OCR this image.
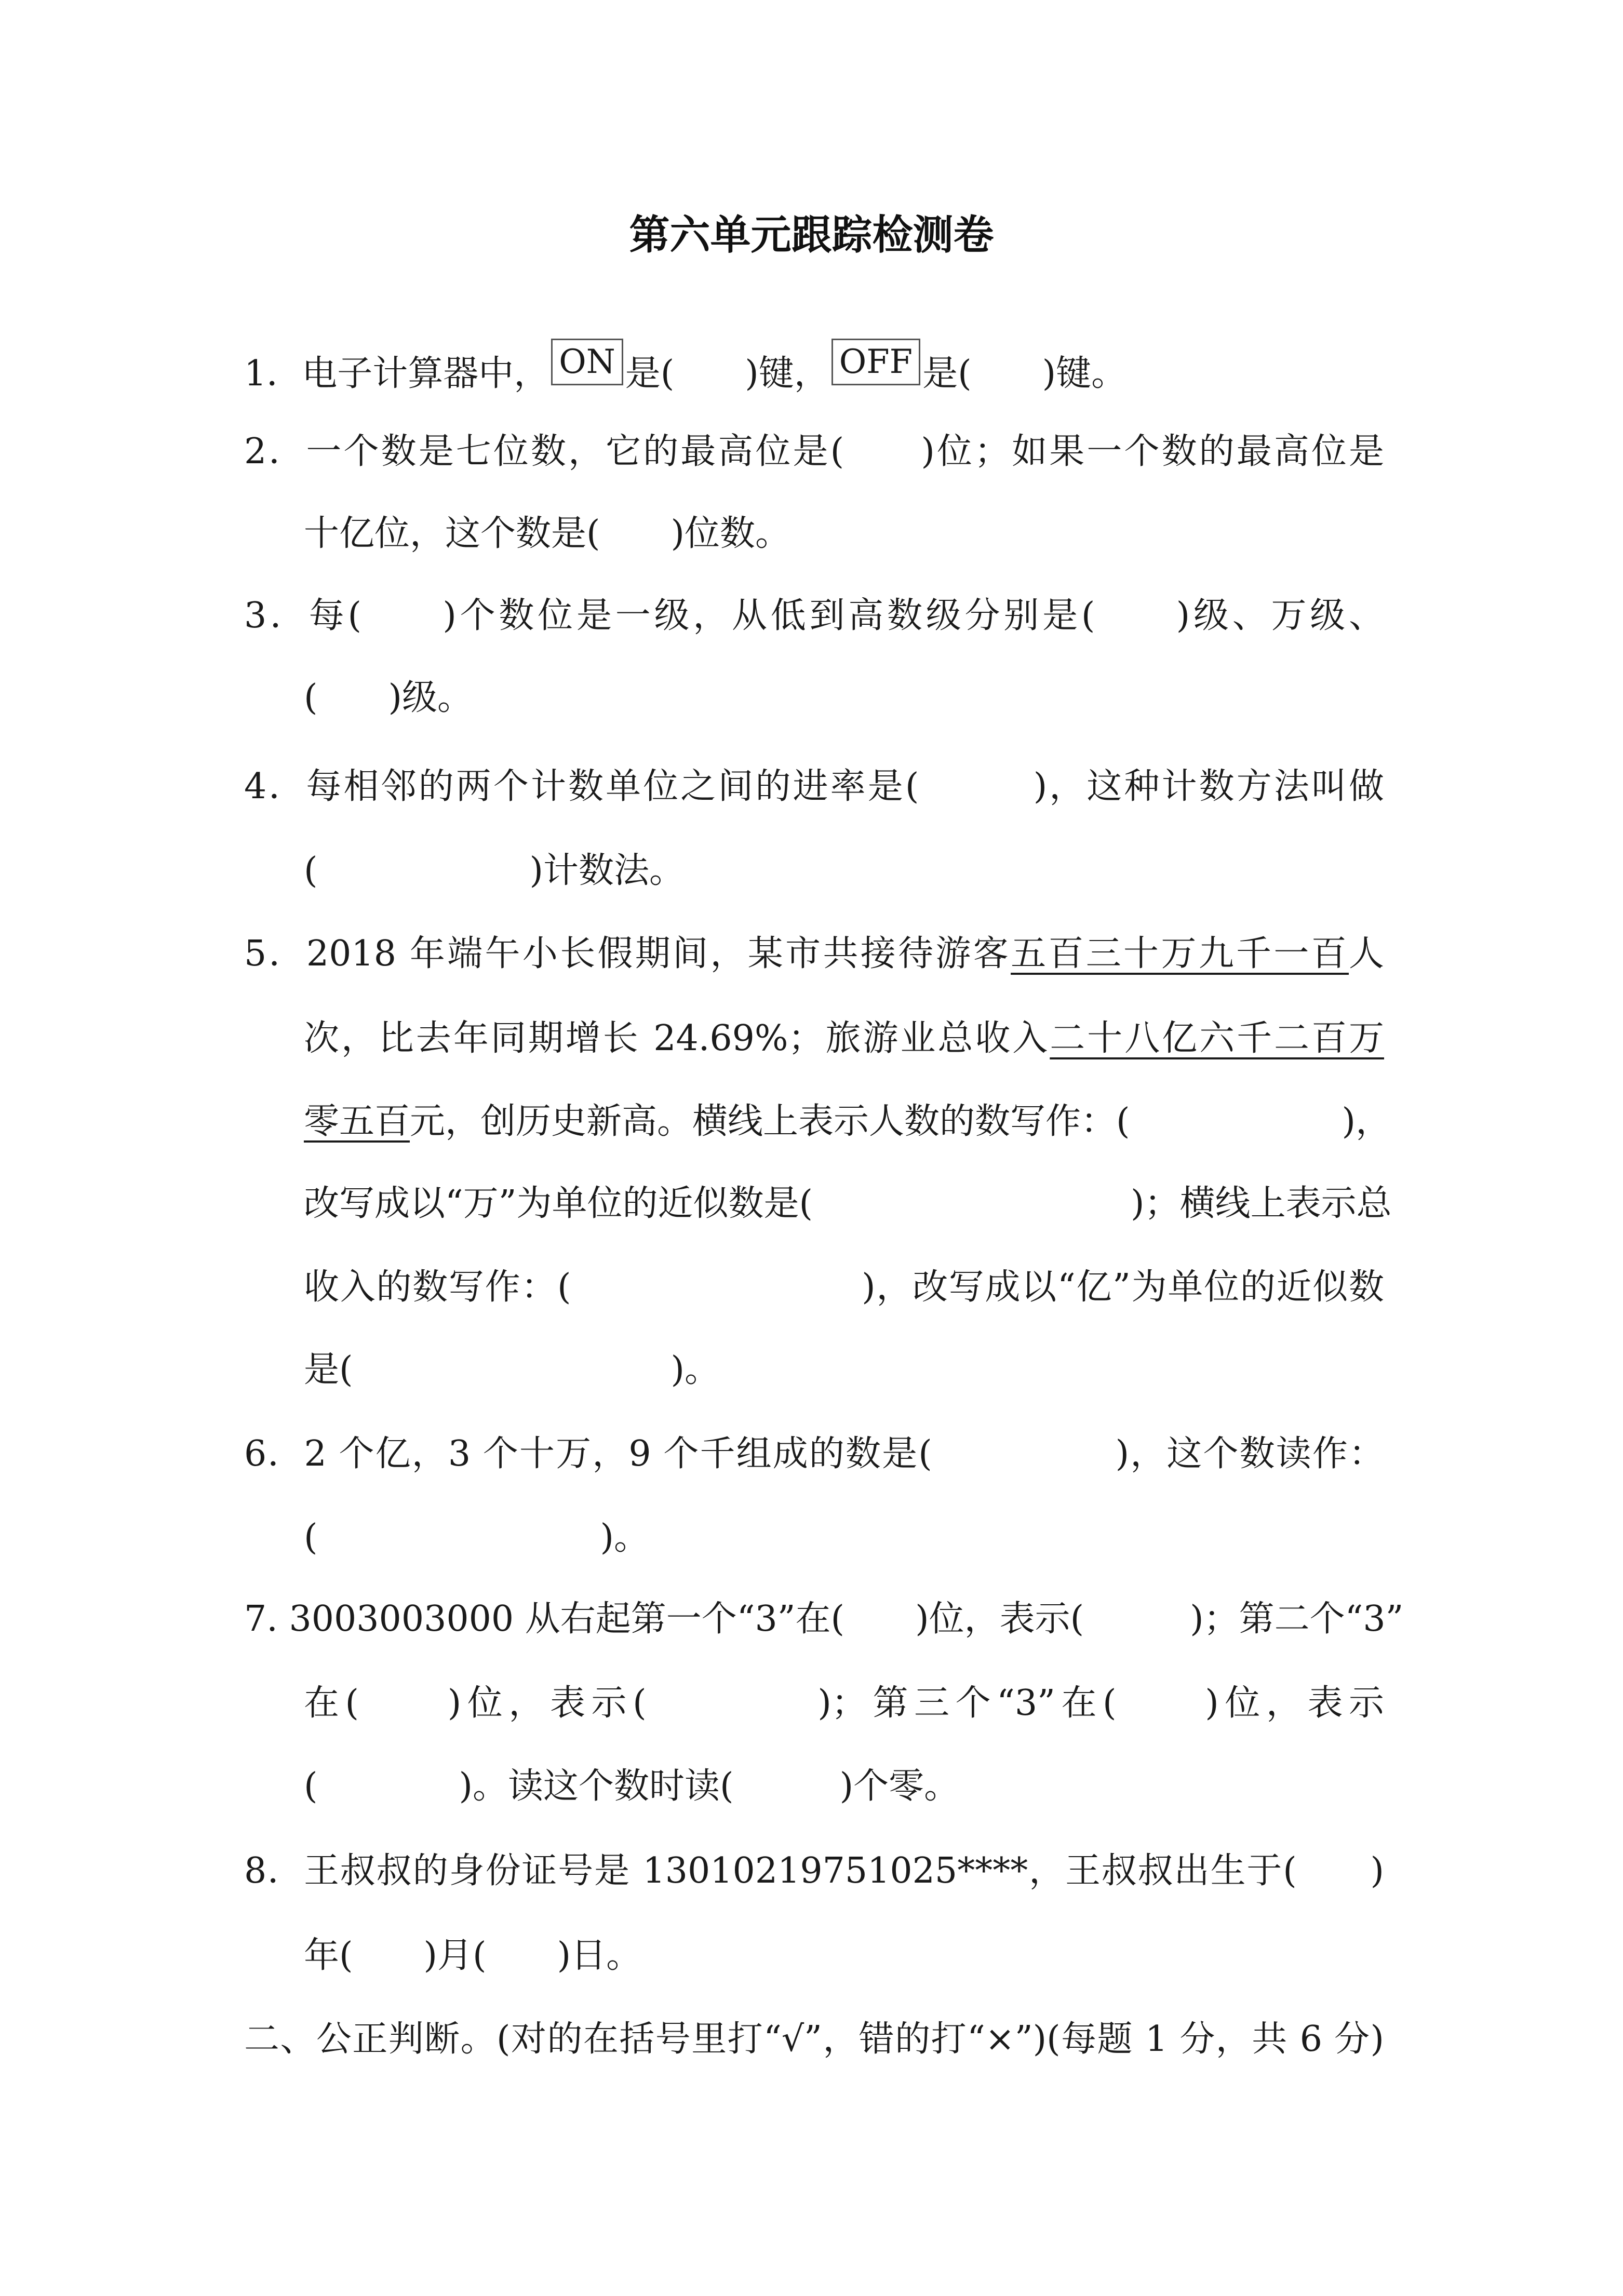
第六单元跟踪检测卷
1．电子计算器中， ON 是(　　)键， OFF 是(　　)键。
2．一个数是七位数，它的最高位是(　　)位；如果一个数的最高位是
十亿位，这个数是(　　)位数。
3．每(　　)个数位是一级，从低到高数级分别是(　　)级、万级、
(　　)级。
4．每相邻的两个计数单位之间的进率是(　　　)，这种计数方法叫做
(　　　　　　)计数法。
5．2018 年端午小长假期间，某市共接待游客五百三十万九千一百人
次，比去年同期增长 24.69%；旅游业总收入二十八亿六千二百万
零五百元，创历史新高。横线上表示人数的数写作：(　　　　　　)，
改写成以“万”为单位的近似数是(　　　　　　　　　)；横线上表示总
收入的数写作：(　　　　　　　　)，改写成以“亿”为单位的近似数
是(　　　　　　　　　)。
6．2 个亿，3 个十万，9 个千组成的数是(　　　　　)，这个数读作：
(　　　　　　　　)。
7. 3003003000 从右起第一个“3”在(　　)位，表示(　　　)；第二个“3”
在(　　)位，表示(　　　　)；第三个“3”在(　　)位，表示
(　　　　)。读这个数时读(　　　)个零。
8．王叔叔的身份证号是 13010219751025****，王叔叔出生于(　　)
年(　　)月(　　)日。
二、公正判断。(对的在括号里打“√”，错的打“×”)(每题 1 分，共 6 分)
